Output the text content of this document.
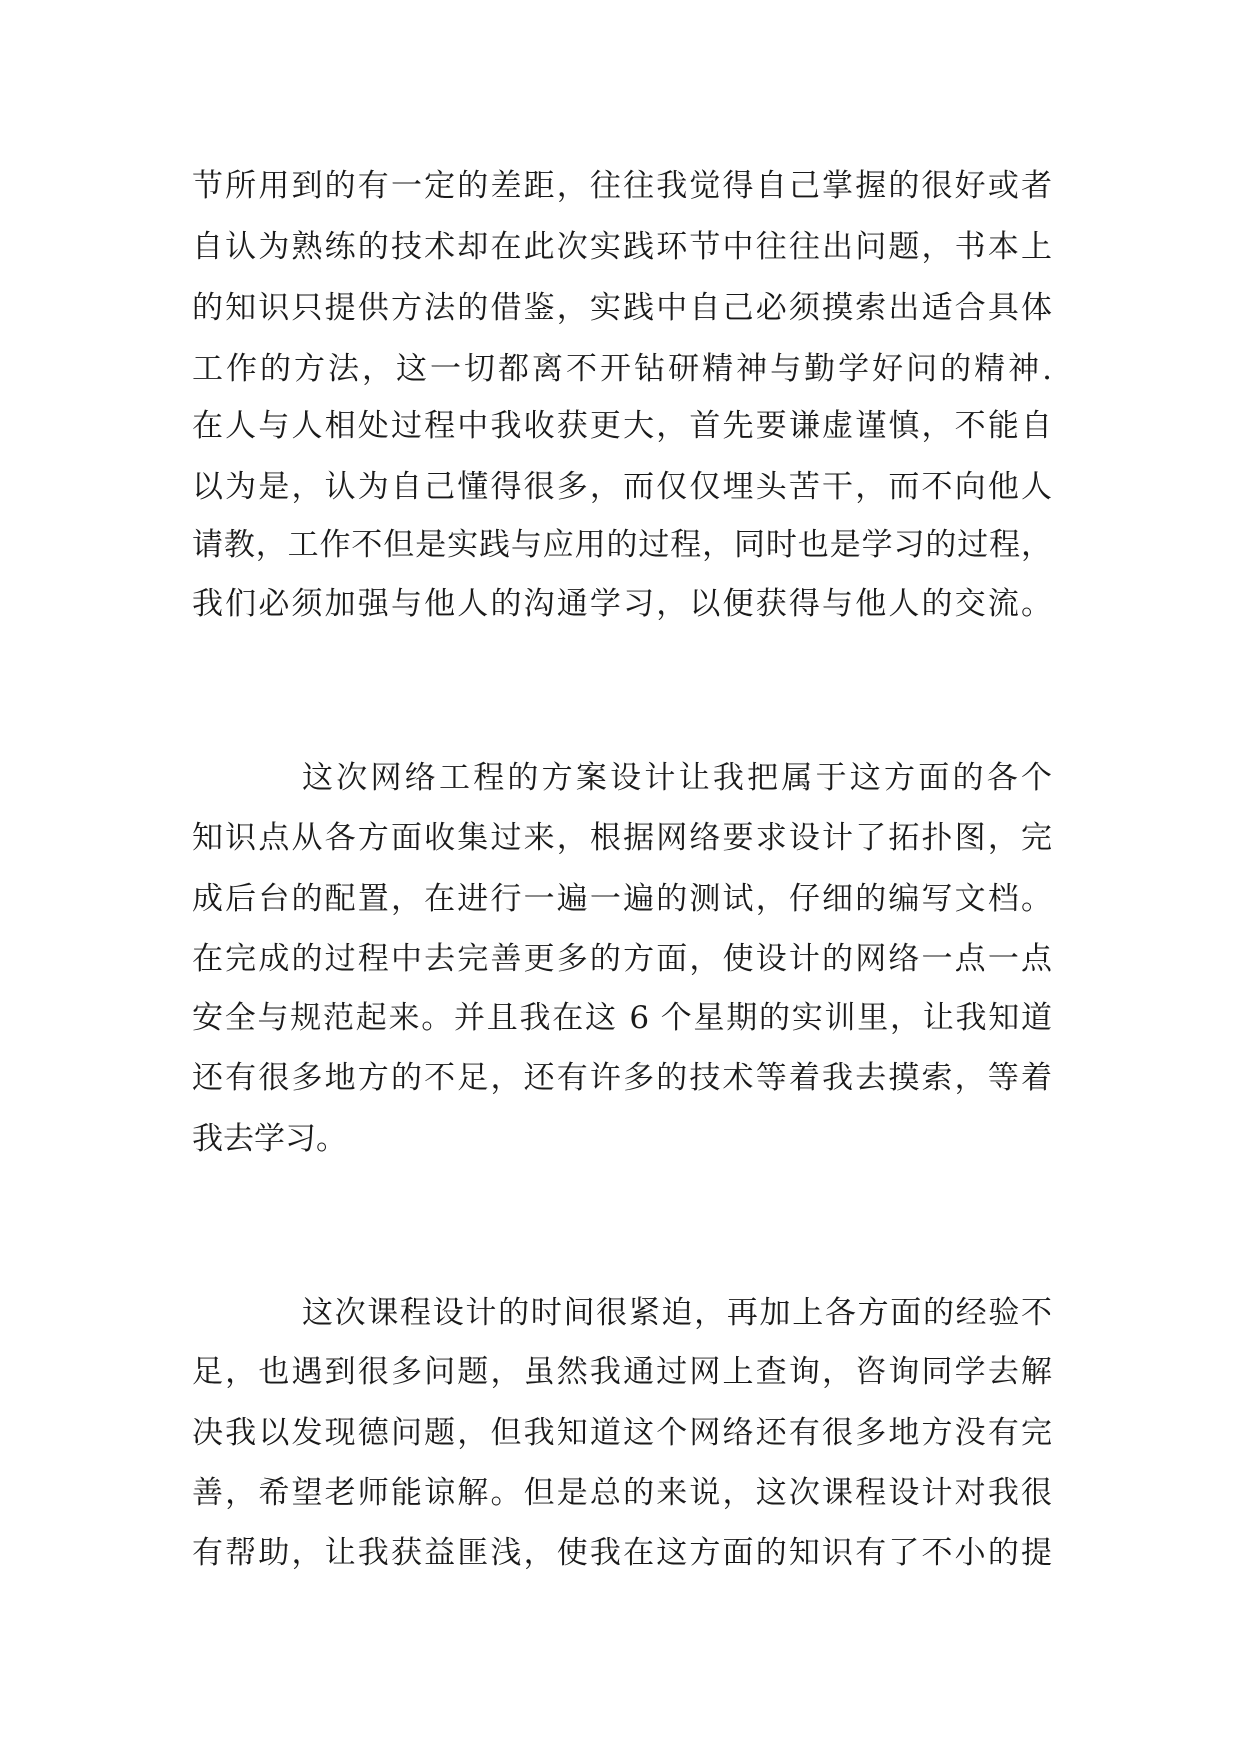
节所用到的有一定的差距，往往我觉得自己掌握的很好或者
自认为熟练的技术却在此次实践环节中往往出问题，书本上
的知识只提供方法的借鉴，实践中自己必须摸索出适合具体
工作的方法，这一切都离不开钻研精神与勤学好问的精神.
在人与人相处过程中我收获更大，首先要谦虚谨慎，不能自
以为是，认为自己懂得很多，而仅仅埋头苦干，而不向他人
请教，工作不但是实践与应用的过程，同时也是学习的过程，
我们必须加强与他人的沟通学习，以便获得与他人的交流。
这次网络工程的方案设计让我把属于这方面的各个
知识点从各方面收集过来，根据网络要求设计了拓扑图，完
成后台的配置，在进行一遍一遍的测试，仔细的编写文档。
在完成的过程中去完善更多的方面，使设计的网络一点一点
安全与规范起来。并且我在这 6 个星期的实训里，让我知道
还有很多地方的不足，还有许多的技术等着我去摸索，等着
我去学习。
这次课程设计的时间很紧迫，再加上各方面的经验不
足，也遇到很多问题，虽然我通过网上查询，咨询同学去解
决我以发现德问题，但我知道这个网络还有很多地方没有完
善，希望老师能谅解。但是总的来说，这次课程设计对我很
有帮助，让我获益匪浅，使我在这方面的知识有了不小的提
